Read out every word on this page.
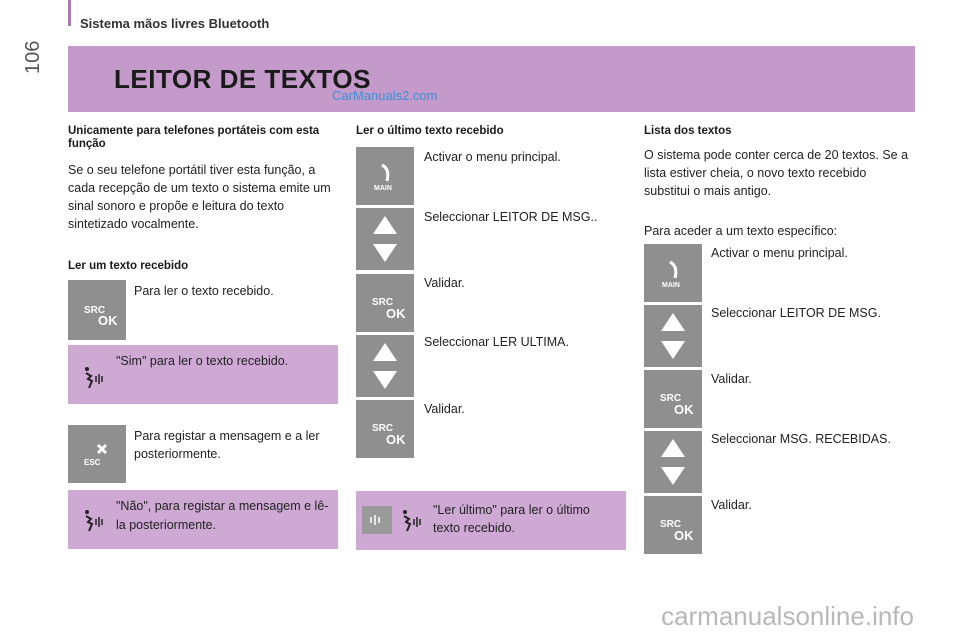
Sistema mãos livres Bluetooth
106
LEITOR DE TEXTOS
CarManuals2.com
Unicamente para telefones portáteis com esta função
Se o seu telefone portátil tiver esta função, a cada recepção de um texto o sistema emite um sinal sonoro e propõe e leitura do texto sintetizado vocalmente.
Ler um texto recebido
SRC
OK
Para ler o texto recebido.
"Sim" para ler o texto recebido.
ESC
Para registar a mensagem e a ler posteriormente.
"Não", para registar a mensagem e lê-la posteriormente.
Ler o último texto recebido
MAIN
Activar o menu principal.
Seleccionar LEITOR DE MSG..
SRC
OK
Validar.
Seleccionar LER ULTIMA.
SRC
OK
Validar.
"Ler último" para ler o último texto recebido.
Lista dos textos
O sistema pode conter cerca de 20 textos. Se a lista estiver cheia, o novo texto recebido substitui o mais antigo.
Para aceder a um texto específico:
MAIN
Activar o menu principal.
Seleccionar LEITOR DE MSG.
SRC
OK
Validar.
Seleccionar MSG. RECEBIDAS.
SRC
OK
Validar.
carmanualsonline.info
